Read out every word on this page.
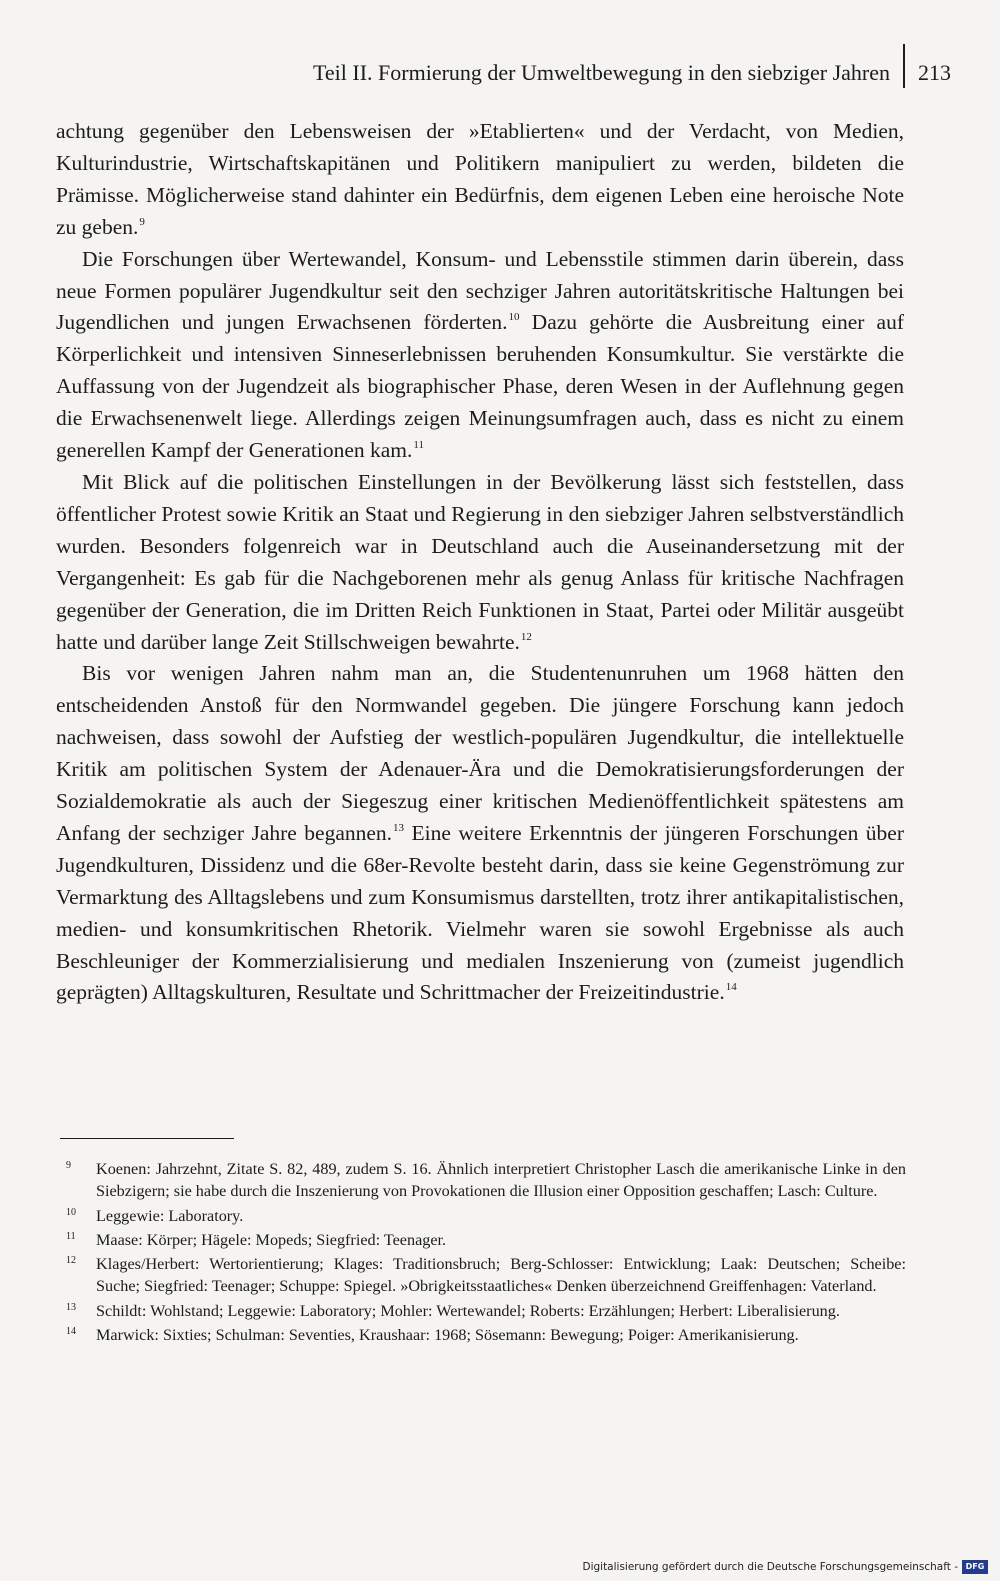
Teil II. Formierung der Umweltbewegung in den siebziger Jahren 213

achtung gegenüber den Lebensweisen der »Etablierten« und der Verdacht, von Medien, Kulturindustrie, Wirtschaftskapitänen und Politikern manipuliert zu werden, bildeten die Prämisse. Möglicherweise stand dahinter ein Bedürfnis, dem eigenen Leben eine heroische Note zu geben.$^9$

Die Forschungen über Wertewandel, Konsum- und Lebensstile stimmen darin überein, dass neue Formen populärer Jugendkultur seit den sechziger Jahren autoritätskritische Haltungen bei Jugendlichen und jungen Erwachsenen förderten.$^{10}$ Dazu gehörte die Ausbreitung einer auf Körperlichkeit und intensiven Sinneserlebnissen beruhenden Konsumkultur. Sie verstärkte die Auffassung von der Jugendzeit als biographischer Phase, deren Wesen in der Auflehnung gegen die Erwachsenenwelt liege. Allerdings zeigen Meinungsumfragen auch, dass es nicht zu einem generellen Kampf der Generationen kam.$^{11}$

Mit Blick auf die politischen Einstellungen in der Bevölkerung lässt sich feststellen, dass öffentlicher Protest sowie Kritik an Staat und Regierung in den siebziger Jahren selbstverständlich wurden. Besonders folgenreich war in Deutschland auch die Auseinandersetzung mit der Vergangenheit: Es gab für die Nachgeborenen mehr als genug Anlass für kritische Nachfragen gegenüber der Generation, die im Dritten Reich Funktionen in Staat, Partei oder Militär ausgeübt hatte und darüber lange Zeit Stillschweigen bewahrte.$^{12}$

Bis vor wenigen Jahren nahm man an, die Studentenunruhen um 1968 hätten den entscheidenden Anstoß für den Normwandel gegeben. Die jüngere Forschung kann jedoch nachweisen, dass sowohl der Aufstieg der westlich-populären Jugendkultur, die intellektuelle Kritik am politischen System der Adenauer-Ära und die Demokratisierungsforderungen der Sozialdemokratie als auch der Siegeszug einer kritischen Medienöffentlichkeit spätestens am Anfang der sechziger Jahre begannen.$^{13}$ Eine weitere Erkenntnis der jüngeren Forschungen über Jugendkulturen, Dissidenz und die 68er-Revolte besteht darin, dass sie keine Gegenströmung zur Vermarktung des Alltagslebens und zum Konsumismus darstellten, trotz ihrer antikapitalistischen, medien- und konsumkritischen Rhetorik. Vielmehr waren sie sowohl Ergebnisse als auch Beschleuniger der Kommerzialisierung und medialen Inszenierung von (zumeist jugendlich geprägten) Alltagskulturen, Resultate und Schrittmacher der Freizeitindustrie.$^{14}$

9 Koenen: Jahrzehnt, Zitate S. 82, 489, zudem S. 16. Ähnlich interpretiert Christopher Lasch die amerikanische Linke in den Siebzigern; sie habe durch die Inszenierung von Provokationen die Illusion einer Opposition geschaffen; Lasch: Culture.
10 Leggewie: Laboratory.
11 Maase: Körper; Hägele: Mopeds; Siegfried: Teenager.
12 Klages/Herbert: Wertorientierung; Klages: Traditionsbruch; Berg-Schlosser: Entwicklung; Laak: Deutschen; Scheibe: Suche; Siegfried: Teenager; Schuppe: Spiegel. »Obrigkeitsstaatliches« Denken überzeichnend Greiffenhagen: Vaterland.
13 Schildt: Wohlstand; Leggewie: Laboratory; Mohler: Wertewandel; Roberts: Erzählungen; Herbert: Liberalisierung.
14 Marwick: Sixties; Schulman: Seventies, Kraushaar: 1968; Sösemann: Bewegung; Poiger: Amerikanisierung.
Digitalisierung gefördert durch die Deutsche Forschungsgemeinschaft - DFG
